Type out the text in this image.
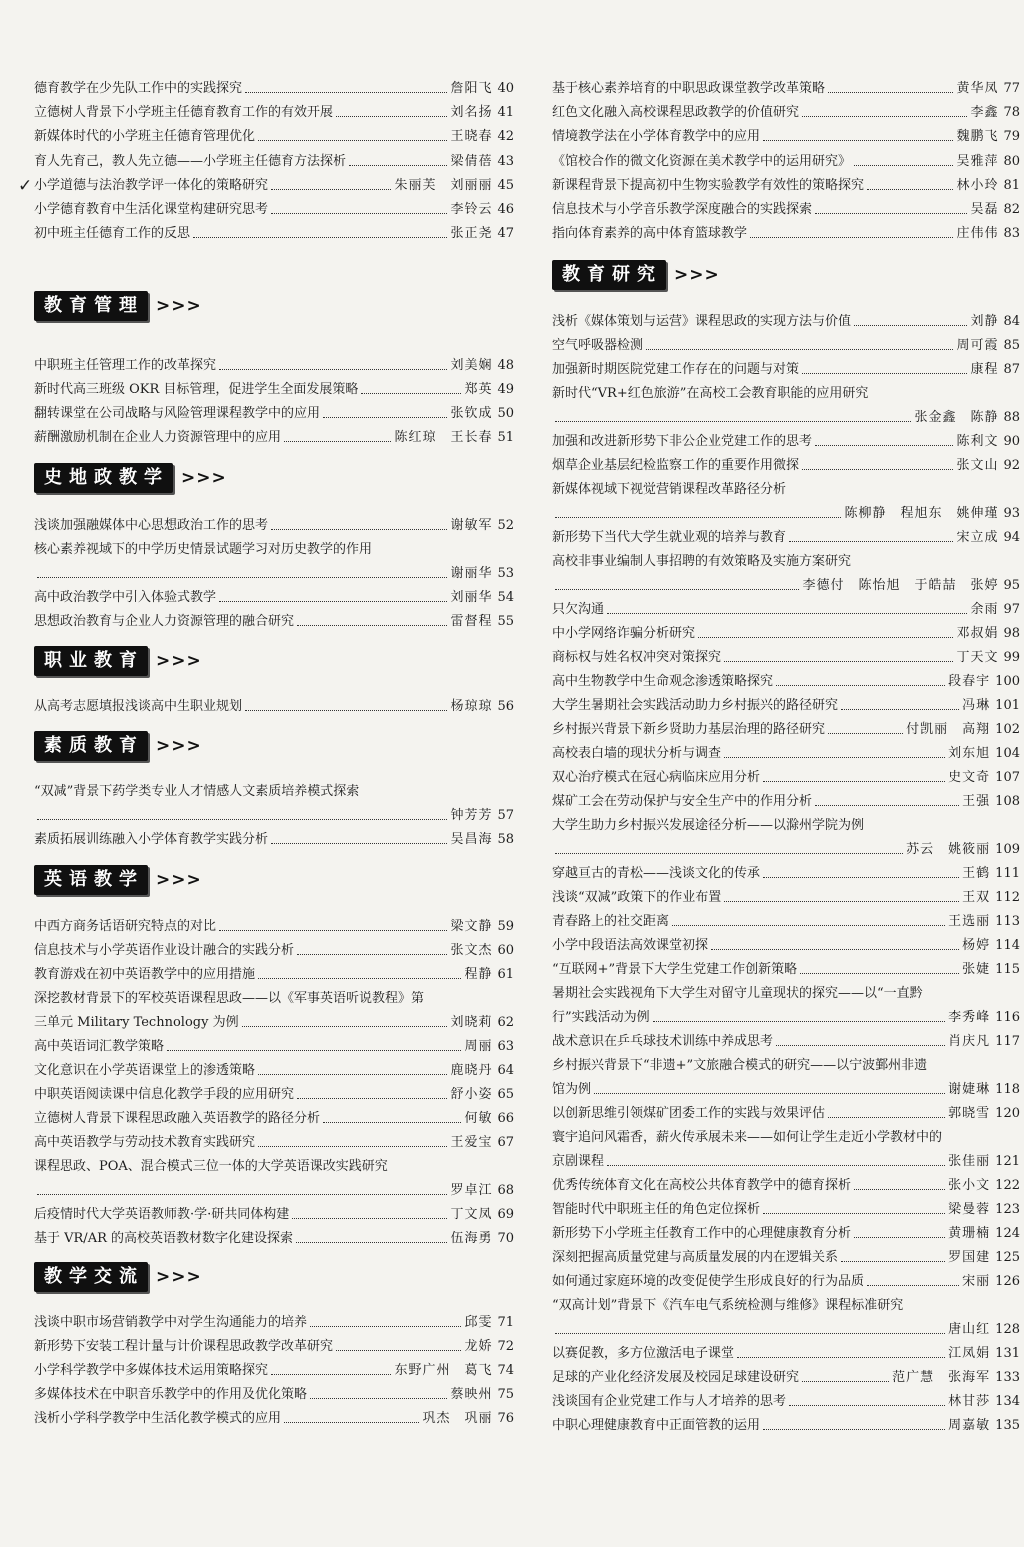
✓
德育教学在少先队工作中的实践探究	詹阳飞 40
立德树人背景下小学班主任德育教育工作的有效开展	刘名扬 41
新媒体时代的小学班主任德育管理优化	王晓春 42
育人先育己，教人先立德——小学班主任德育方法探析	梁倩蓓 43
小学道德与法治教学评一体化的策略研究	朱丽芙　刘丽丽 45
小学德育教育中生活化课堂构建研究思考	李铃云 46
初中班主任德育工作的反思	张正尧 47
教育管理 >>>
中职班主任管理工作的改革探究	刘美娴 48
新时代高三班级 OKR 目标管理，促进学生全面发展策略	郑英 49
翻转课堂在公司战略与风险管理课程教学中的应用	张钦成 50
薪酬激励机制在企业人力资源管理中的应用	陈红琼　王长春 51
史地政教学 >>>
浅谈加强融媒体中心思想政治工作的思考	谢敏军 52
核心素养视域下的中学历史情景试题学习对历史教学的作用
谢丽华 53
高中政治教学中引入体验式教学	刘丽华 54
思想政治教育与企业人力资源管理的融合研究	雷督程 55
职业教育 >>>
从高考志愿填报浅谈高中生职业规划	杨琼琼 56
素质教育 >>>
“双减”背景下药学类专业人才情感人文素质培养模式探索
钟芳芳 57
素质拓展训练融入小学体育教学实践分析	吴昌海 58
英语教学 >>>
中西方商务话语研究特点的对比	梁文静 59
信息技术与小学英语作业设计融合的实践分析	张文杰 60
教育游戏在初中英语教学中的应用措施	程静 61
深挖教材背景下的军校英语课程思政——以《军事英语听说教程》第
三单元 Military Technology 为例	刘晓莉 62
高中英语词汇教学策略	周丽 63
文化意识在小学英语课堂上的渗透策略	鹿晓丹 64
中职英语阅读课中信息化教学手段的应用研究	舒小姿 65
立德树人背景下课程思政融入英语教学的路径分析	何敏 66
高中英语教学与劳动技术教育实践研究	王爱宝 67
课程思政、POA、混合模式三位一体的大学英语课改实践研究
罗卓江 68
后疫情时代大学英语教师教·学·研共同体构建	丁文凤 69
基于 VR/AR 的高校英语教材数字化建设探索	伍海勇 70
教学交流 >>>
浅谈中职市场营销教学中对学生沟通能力的培养	邱雯 71
新形势下安装工程计量与计价课程思政教学改革研究	龙娇 72
小学科学教学中多媒体技术运用策略探究	东野广州　葛飞 74
多媒体技术在中职音乐教学中的作用及优化策略	蔡映州 75
浅析小学科学教学中生活化教学模式的应用	巩杰　巩丽 76
基于核心素养培育的中职思政课堂教学改革策略	黄华凤 77
红色文化融入高校课程思政教学的价值研究	李鑫 78
情境教学法在小学体育教学中的应用	魏鹏飞 79
《馆校合作的微文化资源在美术教学中的运用研究》	吴雅萍 80
新课程背景下提高初中生物实验教学有效性的策略探究	林小玲 81
信息技术与小学音乐教学深度融合的实践探索	吴磊 82
指向体育素养的高中体育篮球教学	庄伟伟 83
教育研究 >>>
浅析《媒体策划与运营》课程思政的实现方法与价值	刘静 84
空气呼吸器检测	周可霞 85
加强新时期医院党建工作存在的问题与对策	康程 87
新时代“VR+红色旅游”在高校工会教育职能的应用研究
张金鑫　陈静 88
加强和改进新形势下非公企业党建工作的思考	陈利文 90
烟草企业基层纪检监察工作的重要作用微探	张文山 92
新媒体视域下视觉营销课程改革路径分析
陈柳静　程旭东　姚伸瑾 93
新形势下当代大学生就业观的培养与教育	宋立成 94
高校非事业编制人事招聘的有效策略及实施方案研究
李德付　陈怡旭　于皓喆　张婷 95
只欠沟通	余雨 97
中小学网络诈骗分析研究	邓叔娟 98
商标权与姓名权冲突对策探究	丁天文 99
高中生物教学中生命观念渗透策略探究	段春宇 100
大学生暑期社会实践活动助力乡村振兴的路径研究	冯琳 101
乡村振兴背景下新乡贤助力基层治理的路径研究	付凯丽　高翔 102
高校表白墙的现状分析与调查	刘东旭 104
双心治疗模式在冠心病临床应用分析	史文奇 107
煤矿工会在劳动保护与安全生产中的作用分析	王强 108
大学生助力乡村振兴发展途径分析——以滁州学院为例
苏云　姚筱丽 109
穿越亘古的青松——浅谈文化的传承	王鹤 111
浅谈“双减”政策下的作业布置	王双 112
青春路上的社交距离	王选丽 113
小学中段语法高效课堂初探	杨婷 114
“互联网+”背景下大学生党建工作创新策略	张婕 115
暑期社会实践视角下大学生对留守儿童现状的探究——以“一直黔
行”实践活动为例	李秀峰 116
战术意识在乒乓球技术训练中养成思考	肖庆凡 117
乡村振兴背景下“非遗+”文旅融合模式的研究——以宁波鄞州非遗
馆为例	谢婕琳 118
以创新思维引领煤矿团委工作的实践与效果评估	郭晓雪 120
寰宇追问风霜香，薪火传承展未来——如何让学生走近小学教材中的
京剧课程	张佳丽 121
优秀传统体育文化在高校公共体育教学中的德育探析	张小文 122
智能时代中职班主任的角色定位探析	梁曼蓉 123
新形势下小学班主任教育工作中的心理健康教育分析	黄珊楠 124
深刻把握高质量党建与高质量发展的内在逻辑关系	罗国建 125
如何通过家庭环境的改变促使学生形成良好的行为品质	宋丽 126
“双高计划”背景下《汽车电气系统检测与维修》课程标准研究
唐山红 128
以赛促教，多方位激活电子课堂	江凤娟 131
足球的产业化经济发展及校园足球建设研究	范广慧　张海军 133
浅谈国有企业党建工作与人才培养的思考	林甘莎 134
中职心理健康教育中正面管教的运用	周嘉敏 135
